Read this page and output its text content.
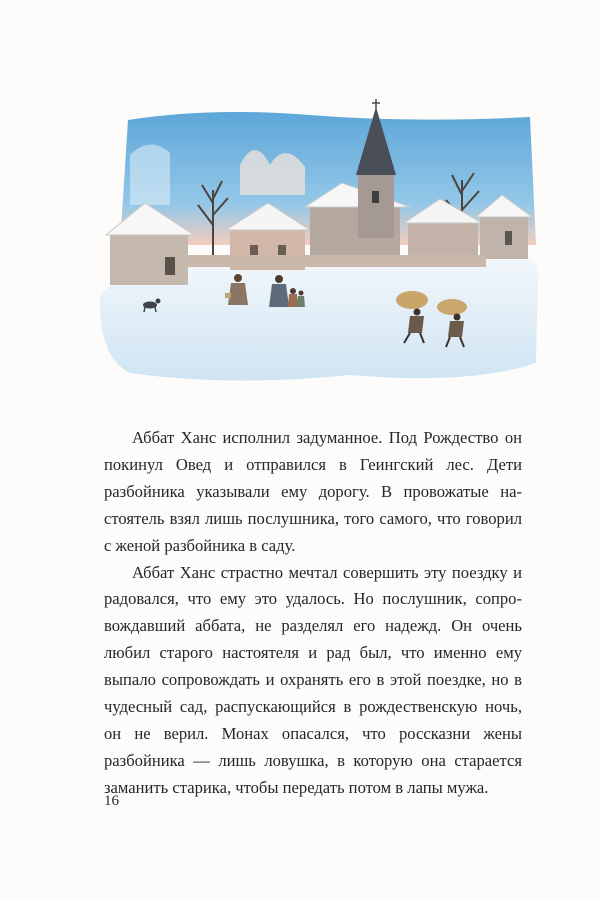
Аббат Ханс исполнил задуманное. Под Рождество он покинул Овед и отправился в Геингский лес. Дети разбойника указывали ему дорогу. В провожатые настоятель взял лишь послушника, того самого, что говорил с женой разбойника в саду.

Аббат Ханс страстно мечтал совершить эту поездку и радовался, что ему это удалось. Но послушник, сопровождавший аббата, не разделял его надежд. Он очень любил старого настоятеля и рад был, что именно ему выпало сопровождать и охранять его в этой поездке, но в чудесный сад, распускающийся в рождественскую ночь, он не верил. Монах опасался, что россказни жены разбойника — лишь ловушка, в которую она старается заманить старика, чтобы передать потом в лапы мужа.

16
